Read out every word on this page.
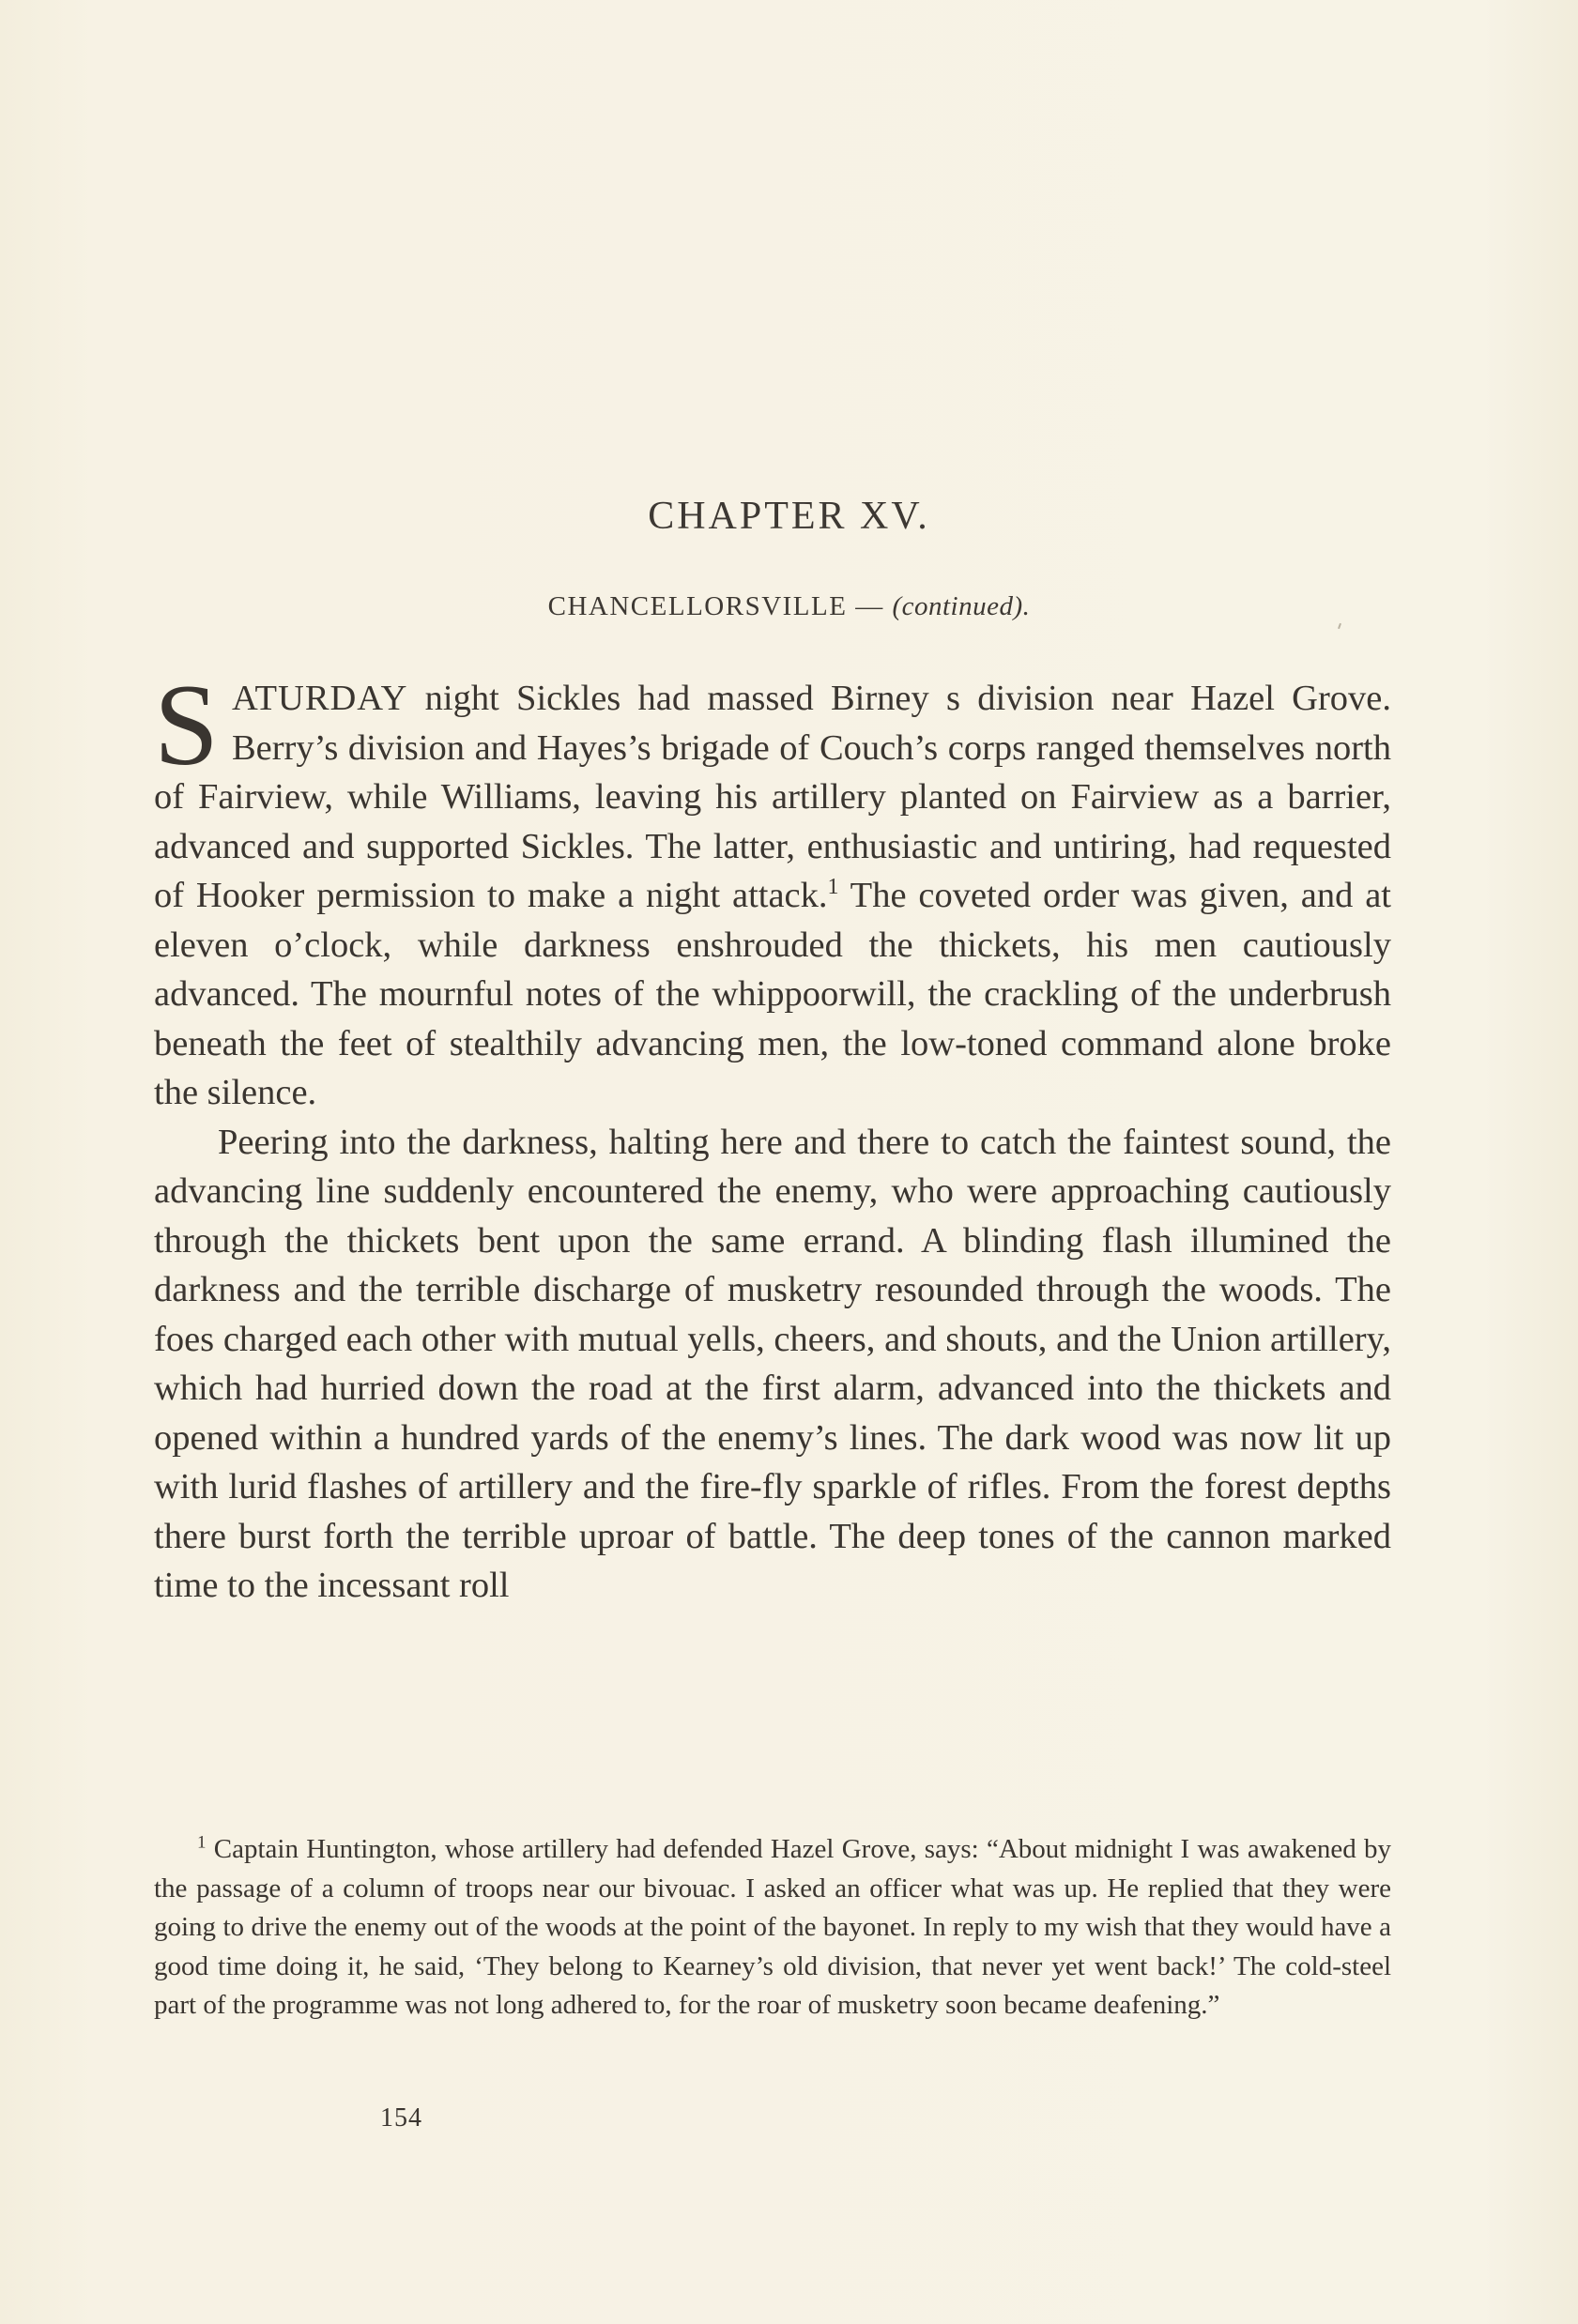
CHAPTER XV.
CHANCELLORSVILLE — (continued).

SATURDAY night Sickles had massed Birney s division near Hazel Grove. Berry’s division and Hayes’s brigade of Couch’s corps ranged themselves north of Fairview, while Williams, leaving his artillery planted on Fairview as a barrier, advanced and supported Sickles. The latter, enthusiastic and untiring, had requested of Hooker permission to make a night attack.$^1$ The coveted order was given, and at eleven o’clock, while darkness enshrouded the thickets, his men cautiously advanced. The mournful notes of the whippoorwill, the crackling of the underbrush beneath the feet of stealthily advancing men, the low-toned command alone broke the silence.

Peering into the darkness, halting here and there to catch the faintest sound, the advancing line suddenly encountered the enemy, who were approaching cautiously through the thickets bent upon the same errand. A blinding flash illumined the darkness and the terrible discharge of musketry resounded through the woods. The foes charged each other with mutual yells, cheers, and shouts, and the Union artillery, which had hurried down the road at the first alarm, advanced into the thickets and opened within a hundred yards of the enemy’s lines. The dark wood was now lit up with lurid flashes of artillery and the fire-fly sparkle of rifles. From the forest depths there burst forth the terrible uproar of battle. The deep tones of the cannon marked time to the incessant roll

$^1$ Captain Huntington, whose artillery had defended Hazel Grove, says: “About midnight I was awakened by the passage of a column of troops near our bivouac. I asked an officer what was up. He replied that they were going to drive the enemy out of the woods at the point of the bayonet. In reply to my wish that they would have a good time doing it, he said, ‘They belong to Kearney’s old division, that never yet went back!’ The cold-steel part of the programme was not long adhered to, for the roar of musketry soon became deafening.”

154
